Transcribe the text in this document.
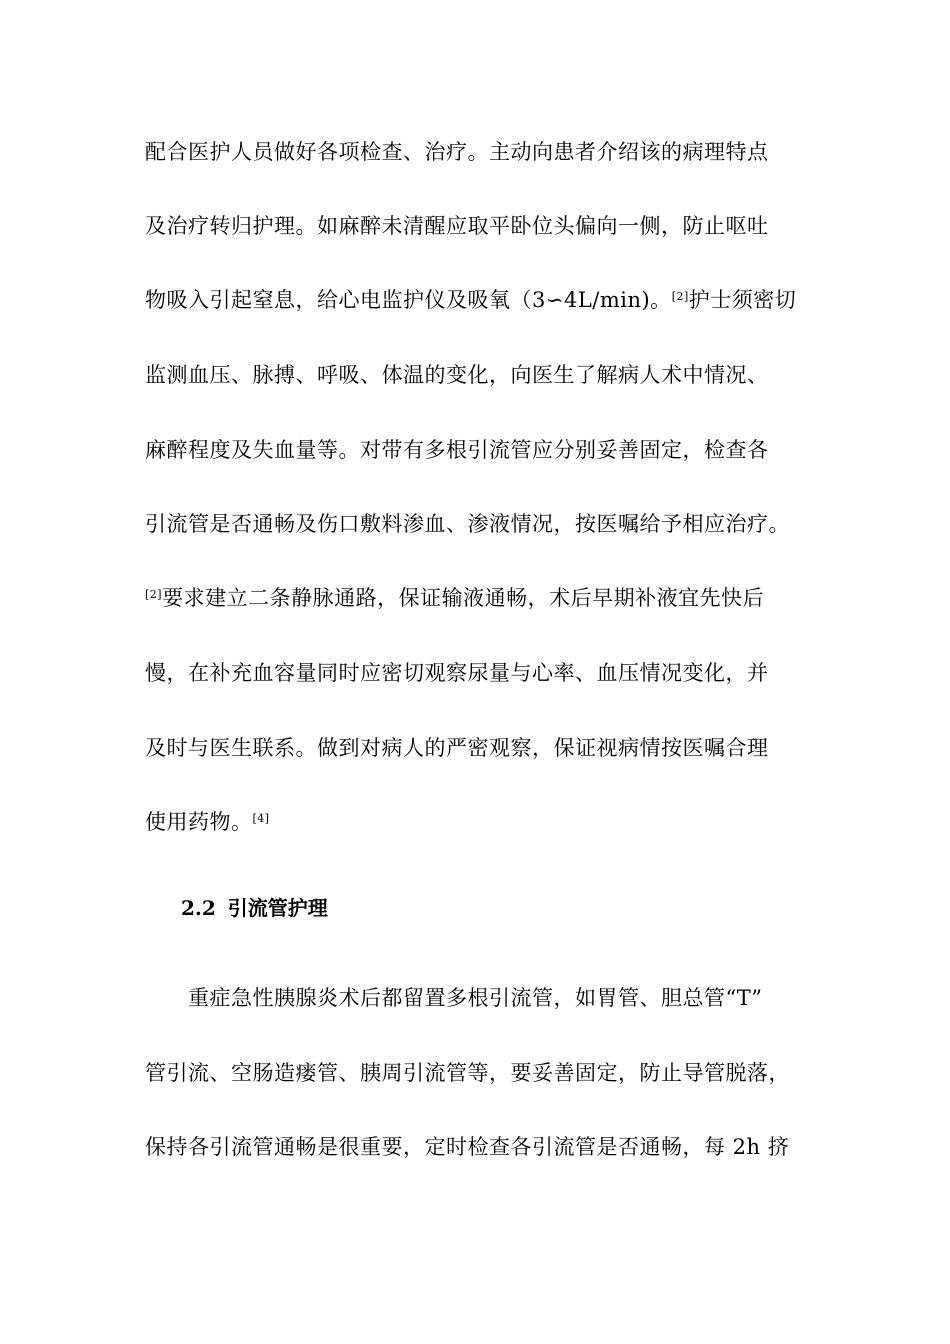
配合医护人员做好各项检查、治疗。主动向患者介绍该的病理特点
及治疗转归护理。如麻醉未清醒应取平卧位头偏向一侧，防止呕吐
物吸入引起窒息，给心电监护仪及吸氧（3∽4L/min)。[2]护士须密切
监测血压、脉搏、呼吸、体温的变化，向医生了解病人术中情况、
麻醉程度及失血量等。对带有多根引流管应分别妥善固定，检查各
引流管是否通畅及伤口敷料渗血、渗液情况，按医嘱给予相应治疗。
[2]要求建立二条静脉通路，保证输液通畅，术后早期补液宜先快后
慢，在补充血容量同时应密切观察尿量与心率、血压情况变化，并
及时与医生联系。做到对病人的严密观察，保证视病情按医嘱合理
使用药物。[4]
2.2 引流管护理
重症急性胰腺炎术后都留置多根引流管，如胃管、胆总管“T”
管引流、空肠造瘘管、胰周引流管等，要妥善固定，防止导管脱落，
保持各引流管通畅是很重要，定时检查各引流管是否通畅，每 2h 挤
